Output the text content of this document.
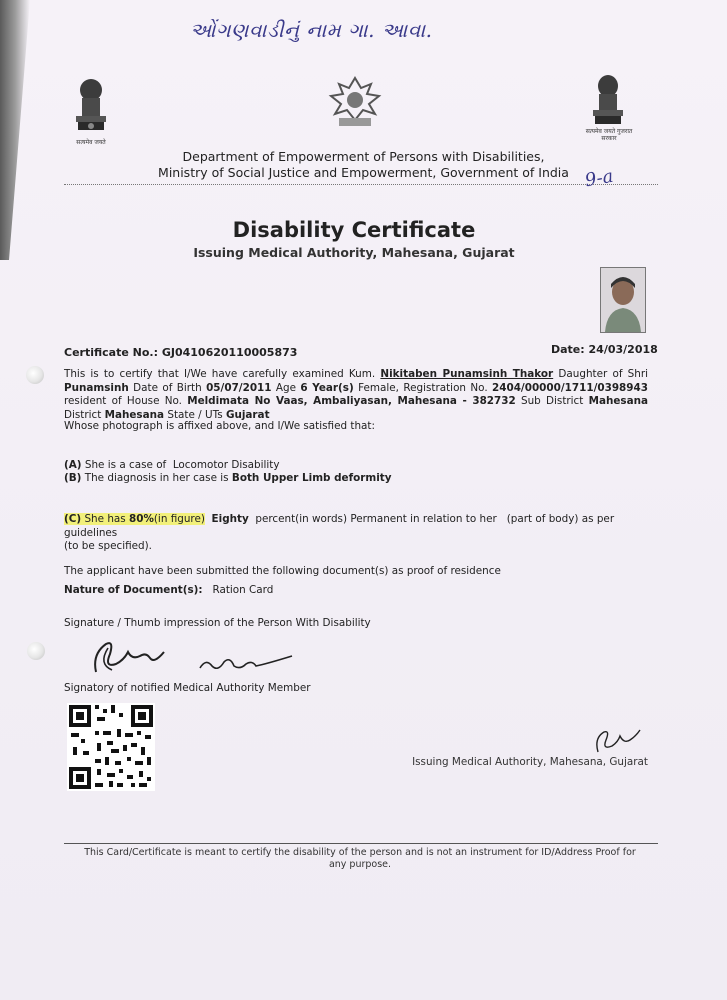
ઓંગણવાડીનું નામ ગા. આવા.
सत्यमेव जयते
सत्यमेव जयते गुजरात सरकार
Department of Empowerment of Persons with Disabilities,
Ministry of Social Justice and Empowerment, Government of India 9-a
Disability Certificate
Issuing Medical Authority, Mahesana, Gujarat
Certificate No.: GJ0410620110005873	Date: 24/03/2018
This is to certify that I/We have carefully examined Kum. Nikitaben Punamsinh Thakor Daughter of Shri Punamsinh Date of Birth 05/07/2011 Age 6 Year(s) Female, Registration No. 2404/00000/1711/0398943 resident of House No. Meldimata No Vaas, Ambaliyasan, Mahesana - 382732 Sub District Mahesana District Mahesana State / UTs Gujarat
Whose photograph is affixed above, and I/We satisfied that:
(A) She is a case of Locomotor Disability
(B) The diagnosis in her case is Both Upper Limb deformity
(C) She has 80%(in figure) Eighty percent(in words) Permanent in relation to her (part of body) as per guidelines
(to be specified).
The applicant have been submitted the following document(s) as proof of residence
Nature of Document(s): Ration Card
Signature / Thumb impression of the Person With Disability
Signatory of notified Medical Authority Member
Issuing Medical Authority, Mahesana, Gujarat
This Card/Certificate is meant to certify the disability of the person and is not an instrument for ID/Address Proof for any purpose.
